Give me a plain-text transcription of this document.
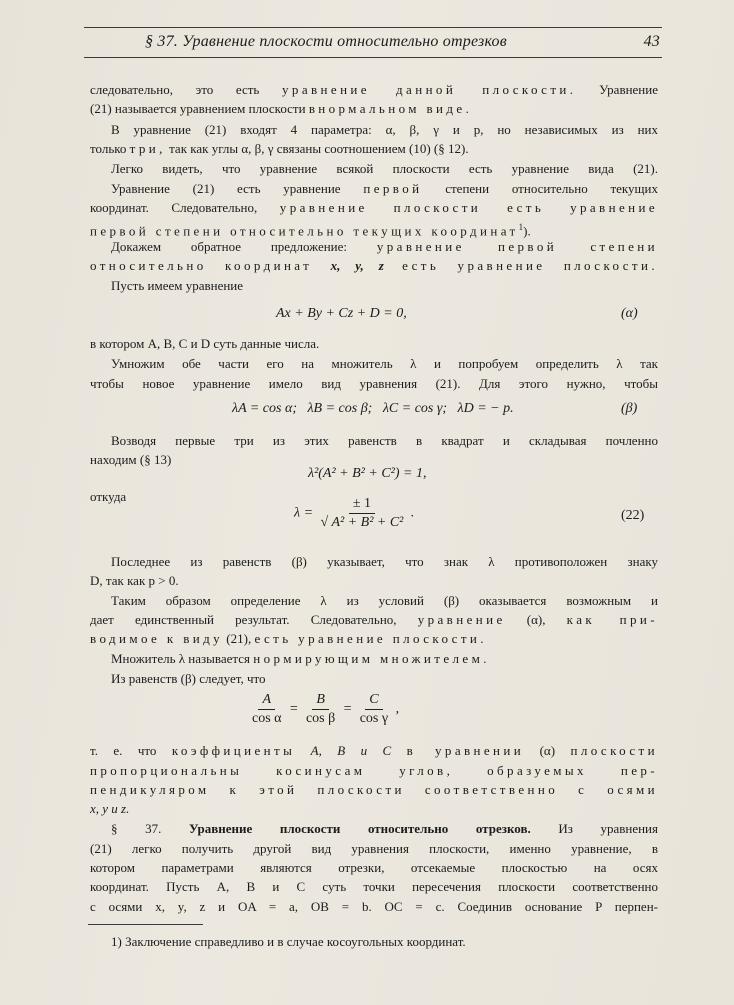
§ 37. Уравнение плоскости относительно отрезков	43
следовательно, это есть уравнение данной плоскости. Уравнение
(21) называется уравнением плоскости в нормальном виде.
В уравнение (21) входят 4 параметра: α, β, γ и p, но независимых из них
только три, так как углы α, β, γ связаны соотношением (10) (§ 12).
Легко видеть, что уравнение всякой плоскости есть уравнение вида (21).
Уравнение (21) есть уравнение первой степени относительно текущих
координат. Следовательно, уравнение плоскости есть уравнение
первой степени относительно текущих координат$^1$).
Докажем обратное предложение: уравнение первой степени
относительно координат x, y, z есть уравнение плоскости.
Пусть имеем уравнение
Ax + By + Cz + D = 0,	(α)
в котором A, B, C и D суть данные числа.
Умножим обе части его на множитель λ и попробуем определить λ так
чтобы новое уравнение имело вид уравнения (21). Для этого нужно, чтобы
λA = cos α;   λB = cos β;   λC = cos γ;   λD = − p.	(β)
Возводя первые три из этих равенств в квадрат и складывая почленно
находим (§ 13)
λ²(A² + B² + C²) = 1,
откуда
$\lambda = \frac{\pm 1}{\text{√ A² + B² + C²}}$ .	(22)
Последнее из равенств (β) указывает, что знак λ противоположен знаку
D, так как p > 0.
Таким образом определение λ из условий (β) оказывается возможным и
дает единственный результат. Следовательно, уравнение (α), как при-
водимое к виду (21), есть уравнение плоскости.
Множитель λ называется нормирующим множителем.
Из равенств (β) следует, что
$\frac{A}{\text{cos α}} = \frac{B}{\text{cos β}} = \frac{C}{\text{cos γ}}$ ,
т. е. что коэффициенты A, B и C в уравнении (α) плоскости
пропорциональны косинусам углов, образуемых пер-
пендикуляром к этой плоскости соответственно с осями
x, y и z.
§ 37. Уравнение плоскости относительно отрезков. Из уравнения
(21) легко получить другой вид уравнения плоскости, именно уравнение, в
котором параметрами являются отрезки, отсекаемые плоскостью на осях
координат. Пусть A, B и C суть точки пересечения плоскости соответственно
с осями x, y, z и OA = a, OB = b. OC = c. Соединив основание P перпен-
1) Заключение справедливо и в случае косоугольных координат.
